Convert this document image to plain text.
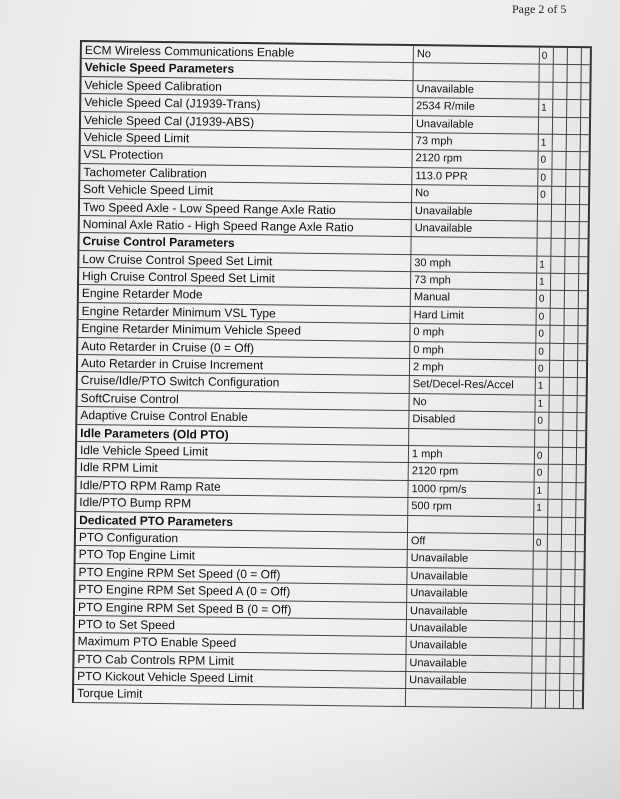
Page 2 of 5
ECM Wireless Communications Enable	No	0
Vehicle Speed Parameters
Vehicle Speed Calibration	Unavailable
Vehicle Speed Cal (J1939-Trans)	2534 R/mile	1
Vehicle Speed Cal (J1939-ABS)	Unavailable
Vehicle Speed Limit	73 mph	1
VSL Protection	2120 rpm	0
Tachometer Calibration	113.0 PPR	0
Soft Vehicle Speed Limit	No	0
Two Speed Axle - Low Speed Range Axle Ratio	Unavailable
Nominal Axle Ratio - High Speed Range Axle Ratio	Unavailable
Cruise Control Parameters
Low Cruise Control Speed Set Limit	30 mph	1
High Cruise Control Speed Set Limit	73 mph	1
Engine Retarder Mode	Manual	0
Engine Retarder Minimum VSL Type	Hard Limit	0
Engine Retarder Minimum Vehicle Speed	0 mph	0
Auto Retarder in Cruise (0 = Off)	0 mph	0
Auto Retarder in Cruise Increment	2 mph	0
Cruise/Idle/PTO Switch Configuration	Set/Decel-Res/Accel	1
SoftCruise Control	No	1
Adaptive Cruise Control Enable	Disabled	0
Idle Parameters (Old PTO)
Idle Vehicle Speed Limit	1 mph	0
Idle RPM Limit	2120 rpm	0
Idle/PTO RPM Ramp Rate	1000 rpm/s	1
Idle/PTO Bump RPM	500 rpm	1
Dedicated PTO Parameters
PTO Configuration	Off	0
PTO Top Engine Limit	Unavailable
PTO Engine RPM Set Speed (0 = Off)	Unavailable
PTO Engine RPM Set Speed A (0 = Off)	Unavailable
PTO Engine RPM Set Speed B (0 = Off)	Unavailable
PTO to Set Speed	Unavailable
Maximum PTO Enable Speed	Unavailable
PTO Cab Controls RPM Limit	Unavailable
PTO Kickout Vehicle Speed Limit	Unavailable
Torque Limit
